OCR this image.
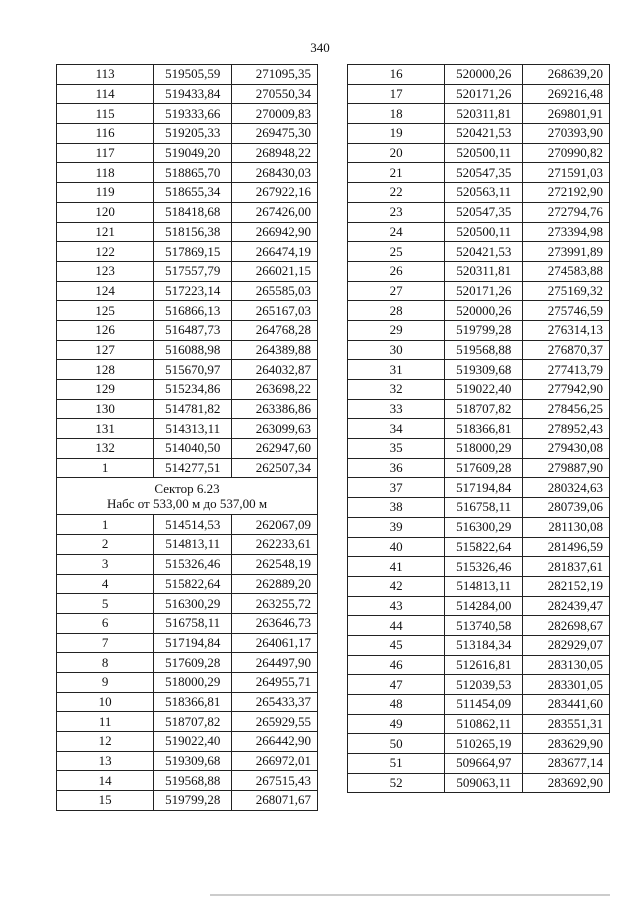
340
113	519505,59	271095,35
114	519433,84	270550,34
115	519333,66	270009,83
116	519205,33	269475,30
117	519049,20	268948,22
118	518865,70	268430,03
119	518655,34	267922,16
120	518418,68	267426,00
121	518156,38	266942,90
122	517869,15	266474,19
123	517557,79	266021,15
124	517223,14	265585,03
125	516866,13	265167,03
126	516487,73	264768,28
127	516088,98	264389,88
128	515670,97	264032,87
129	515234,86	263698,22
130	514781,82	263386,86
131	514313,11	263099,63
132	514040,50	262947,60
1	514277,51	262507,34

Сектор 6.23
Набс от 533,00 м до 537,00 м		

1	514514,53	262067,09
2	514813,11	262233,61
3	515326,46	262548,19
4	515822,64	262889,20
5	516300,29	263255,72
6	516758,11	263646,73
7	517194,84	264061,17
8	517609,28	264497,90
9	518000,29	264955,71
10	518366,81	265433,37
11	518707,82	265929,55
12	519022,40	266442,90
13	519309,68	266972,01
14	519568,88	267515,43
15	519799,28	268071,67
16	520000,26	268639,20
17	520171,26	269216,48
18	520311,81	269801,91
19	520421,53	270393,90
20	520500,11	270990,82
21	520547,35	271591,03
22	520563,11	272192,90
23	520547,35	272794,76
24	520500,11	273394,98
25	520421,53	273991,89
26	520311,81	274583,88
27	520171,26	275169,32
28	520000,26	275746,59
29	519799,28	276314,13
30	519568,88	276870,37
31	519309,68	277413,79
32	519022,40	277942,90
33	518707,82	278456,25
34	518366,81	278952,43
35	518000,29	279430,08
36	517609,28	279887,90
37	517194,84	280324,63
38	516758,11	280739,06
39	516300,29	281130,08
40	515822,64	281496,59
41	515326,46	281837,61
42	514813,11	282152,19
43	514284,00	282439,47
44	513740,58	282698,67
45	513184,34	282929,07
46	512616,81	283130,05
47	512039,53	283301,05
48	511454,09	283441,60
49	510862,11	283551,31
50	510265,19	283629,90
51	509664,97	283677,14
52	509063,11	283692,90
